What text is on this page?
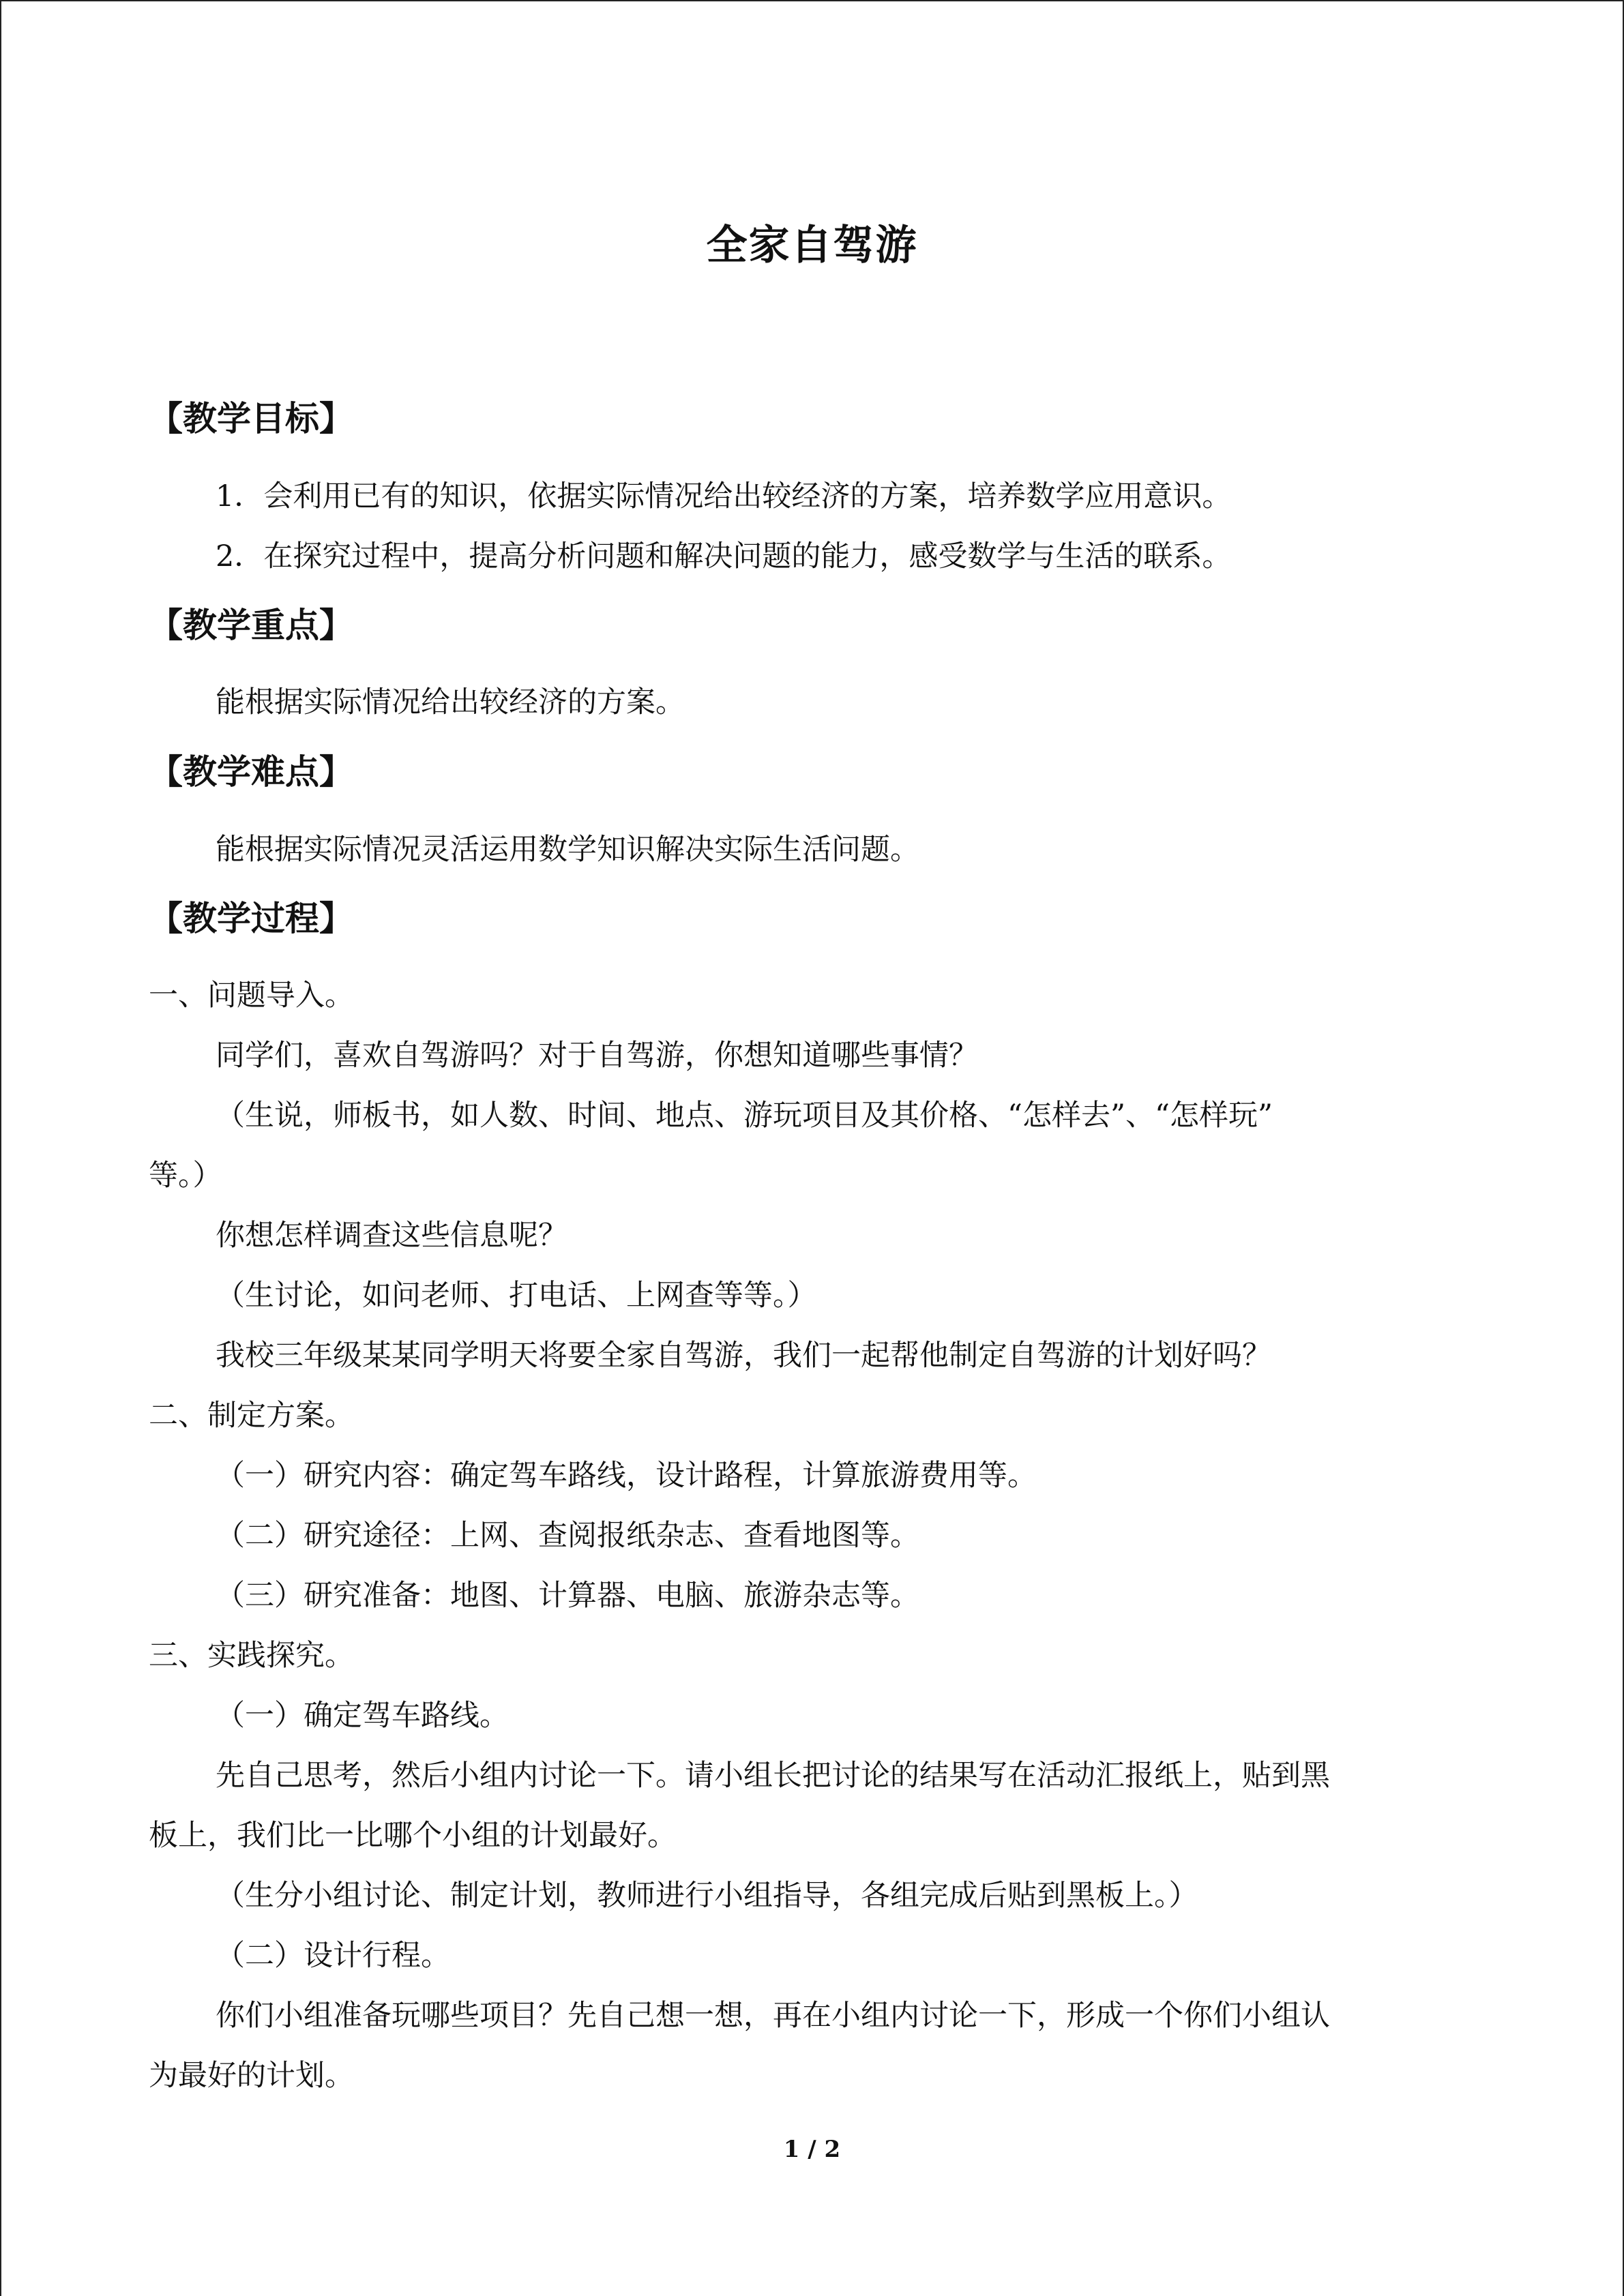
全家自驾游
【教学目标】
1．会利用已有的知识，依据实际情况给出较经济的方案，培养数学应用意识。
2．在探究过程中，提高分析问题和解决问题的能力，感受数学与生活的联系。
【教学重点】
能根据实际情况给出较经济的方案。
【教学难点】
能根据实际情况灵活运用数学知识解决实际生活问题。
【教学过程】
一、问题导入。
同学们，喜欢自驾游吗？对于自驾游，你想知道哪些事情？
（生说，师板书，如人数、时间、地点、游玩项目及其价格、“怎样去”、“怎样玩”
等。）
你想怎样调查这些信息呢？
（生讨论，如问老师、打电话、上网查等等。）
我校三年级某某同学明天将要全家自驾游，我们一起帮他制定自驾游的计划好吗？
二、制定方案。
（一）研究内容：确定驾车路线，设计路程，计算旅游费用等。
（二）研究途径：上网、查阅报纸杂志、查看地图等。
（三）研究准备：地图、计算器、电脑、旅游杂志等。
三、实践探究。
（一）确定驾车路线。
先自己思考，然后小组内讨论一下。请小组长把讨论的结果写在活动汇报纸上，贴到黑
板上，我们比一比哪个小组的计划最好。
（生分小组讨论、制定计划，教师进行小组指导，各组完成后贴到黑板上。）
（二）设计行程。
你们小组准备玩哪些项目？先自己想一想，再在小组内讨论一下，形成一个你们小组认
为最好的计划。
1 / 2
